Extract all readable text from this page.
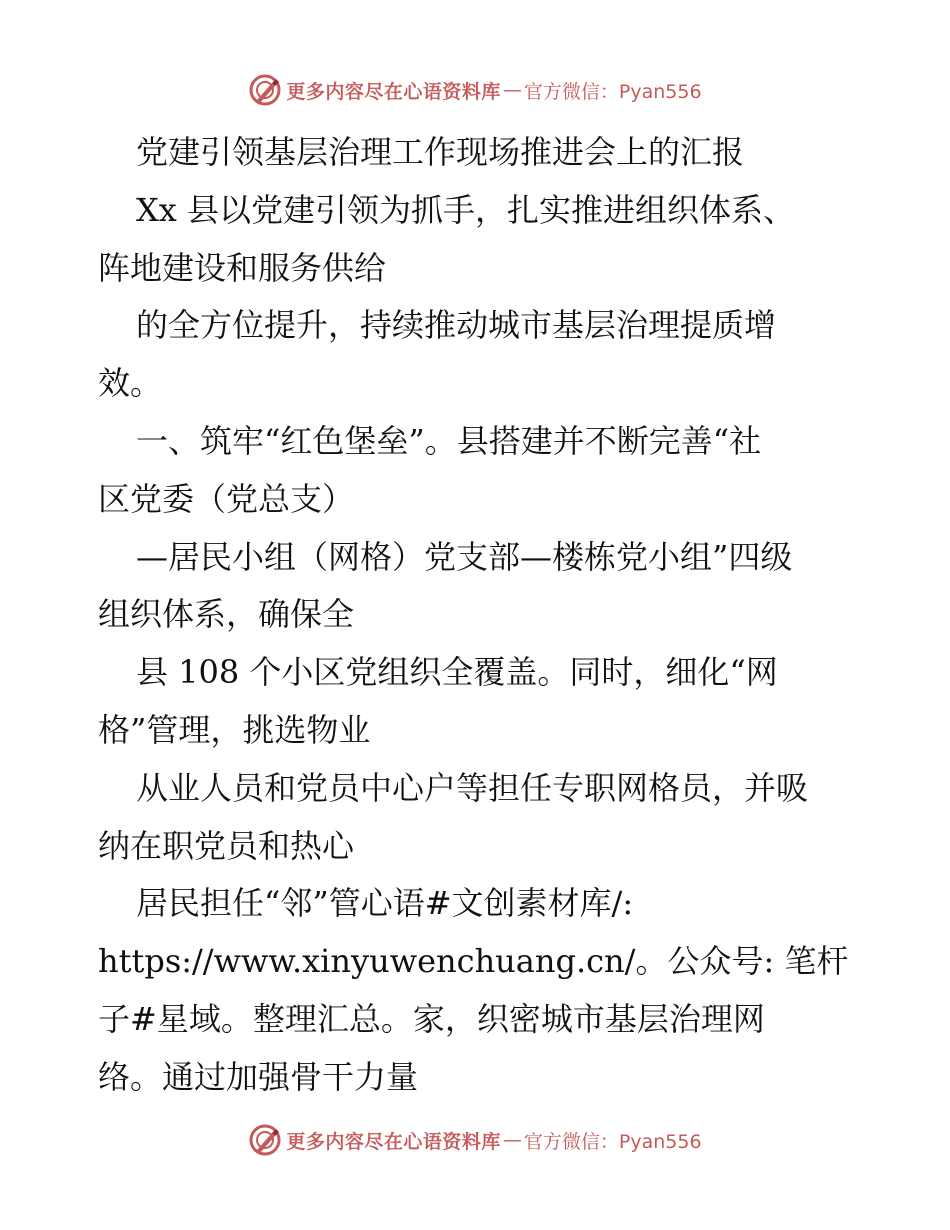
更多内容尽在心语资料库 — 官方微信：Pyan556
党建引领基层治理工作现场推进会上的汇报
Xx 县以党建引领为抓手，扎实推进组织体系、
阵地建设和服务供给
的全方位提升，持续推动城市基层治理提质增
效。
一、筑牢“红色堡垒”。县搭建并不断完善“社
区党委（党总支）
—居民小组（网格）党支部—楼栋党小组”四级
组织体系，确保全
县 108 个小区党组织全覆盖。同时，细化“网
格”管理，挑选物业
从业人员和党员中心户等担任专职网格员，并吸
纳在职党员和热心
居民担任“邻”管心语#文创素材库/:
https://www.xinyuwenchuang.cn/。公众号: 笔杆
子#星域。整理汇总。家，织密城市基层治理网
络。通过加强骨干力量
更多内容尽在心语资料库 — 官方微信：Pyan556
